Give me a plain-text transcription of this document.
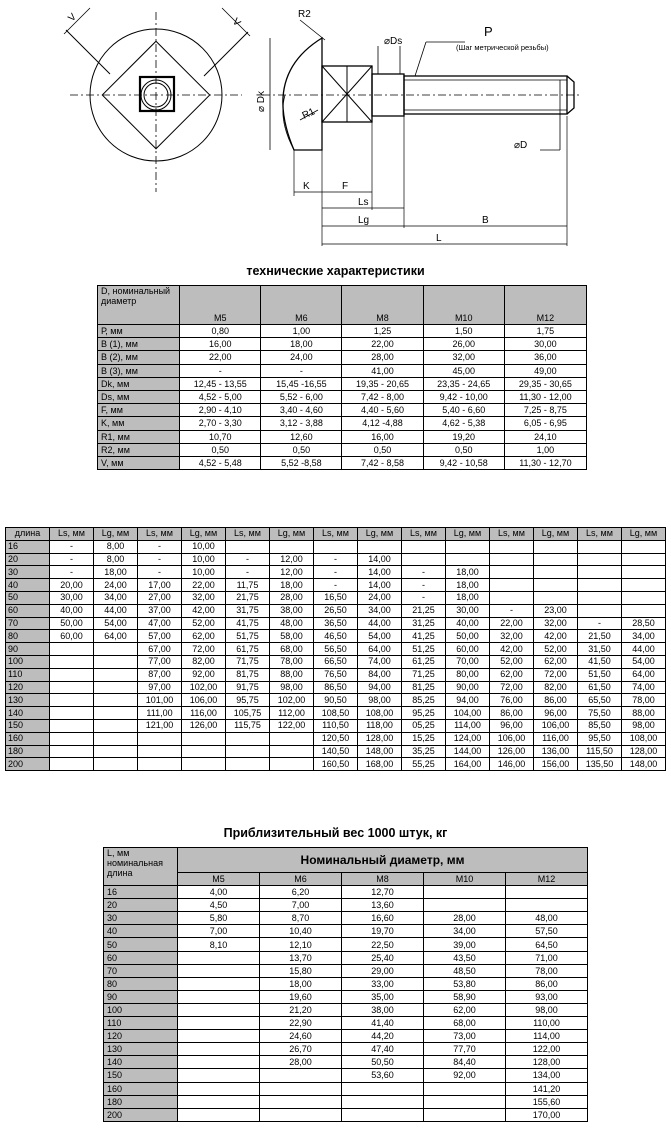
V	V
R2
⌀Ds
P
(Шаг метрической резьбы)
⌀ Dk
R1
⌀D
K	F
Ls
Lg	B
L
технические характеристики
D, номинальный диаметр	М5	М6	М8	М10	М12
Р, мм	0,80	1,00	1,25	1,50	1,75
B (1), мм	16,00	18,00	22,00	26,00	30,00
B (2), мм	22,00	24,00	28,00	32,00	36,00
B (3), мм	-	-	41,00	45,00	49,00
Dk, мм	12,45 - 13,55	15,45 -16,55	19,35 - 20,65	23,35 - 24,65	29,35 - 30,65
Ds, мм	4,52 - 5,00	5,52 - 6,00	7,42 - 8,00	9,42 - 10,00	11,30 - 12,00
F, мм	2,90 - 4,10	3,40 - 4,60	4,40 - 5,60	5,40 - 6,60	7,25 - 8,75
K, мм	2,70 - 3,30	3,12 - 3,88	4,12 -4,88	4,62 - 5,38	6,05 - 6,95
R1, мм	10,70	12,60	16,00	19,20	24,10
R2, мм	0,50	0,50	0,50	0,50	1,00
V, мм	4,52 - 5,48	5,52 -8,58	7,42 - 8,58	9,42 - 10,58	11,30 - 12,70
длина	Ls, мм	Lg, мм	Ls, мм	Lg, мм	Ls, мм	Lg, мм	Ls, мм	Lg, мм	Ls, мм	Lg, мм	Ls, мм	Lg, мм	Ls, мм	Lg, мм
16	-	8,00	-	10,00										
20	-	8,00	-	10,00	-	12,00	-	14,00						
30	-	18,00	-	10,00	-	12,00	-	14,00	-	18,00				
40	20,00	24,00	17,00	22,00	11,75	18,00	-	14,00	-	18,00				
50	30,00	34,00	27,00	32,00	21,75	28,00	16,50	24,00	-	18,00				
60	40,00	44,00	37,00	42,00	31,75	38,00	26,50	34,00	21,25	30,00	-	23,00		
70	50,00	54,00	47,00	52,00	41,75	48,00	36,50	44,00	31,25	40,00	22,00	32,00	-	28,50
80	60,00	64,00	57,00	62,00	51,75	58,00	46,50	54,00	41,25	50,00	32,00	42,00	21,50	34,00
90			67,00	72,00	61,75	68,00	56,50	64,00	51,25	60,00	42,00	52,00	31,50	44,00
100			77,00	82,00	71,75	78,00	66,50	74,00	61,25	70,00	52,00	62,00	41,50	54,00
110			87,00	92,00	81,75	88,00	76,50	84,00	71,25	80,00	62,00	72,00	51,50	64,00
120			97,00	102,00	91,75	98,00	86,50	94,00	81,25	90,00	72,00	82,00	61,50	74,00
130			101,00	106,00	95,75	102,00	90,50	98,00	85,25	94,00	76,00	86,00	65,50	78,00
140			111,00	116,00	105,75	112,00	108,50	108,00	95,25	104,00	86,00	96,00	75,50	88,00
150			121,00	126,00	115,75	122,00	110,50	118,00	05,25	114,00	96,00	106,00	85,50	98,00
160							120,50	128,00	15,25	124,00	106,00	116,00	95,50	108,00
180							140,50	148,00	35,25	144,00	126,00	136,00	115,50	128,00
200							160,50	168,00	55,25	164,00	146,00	156,00	135,50	148,00
Приблизительный вес 1000 штук, кг
L, мм номинальная длина	Номинальный диаметр, мм				
	М5	М6	М8	М10	М12
16	4,00	6,20	12,70		
20	4,50	7,00	13,60		
30	5,80	8,70	16,60	28,00	48,00
40	7,00	10,40	19,70	34,00	57,50
50	8,10	12,10	22,50	39,00	64,50
60		13,70	25,40	43,50	71,00
70		15,80	29,00	48,50	78,00
80		18,00	33,00	53,80	86,00
90		19,60	35,00	58,90	93,00
100		21,20	38,00	62,00	98,00
110		22,90	41,40	68,00	110,00
120		24,60	44,20	73,00	114,00
130		26,70	47,40	77,70	122,00
140		28,00	50,50	84,40	128,00
150			53,60	92,00	134,00
160					141,20
180					155,60
200					170,00
